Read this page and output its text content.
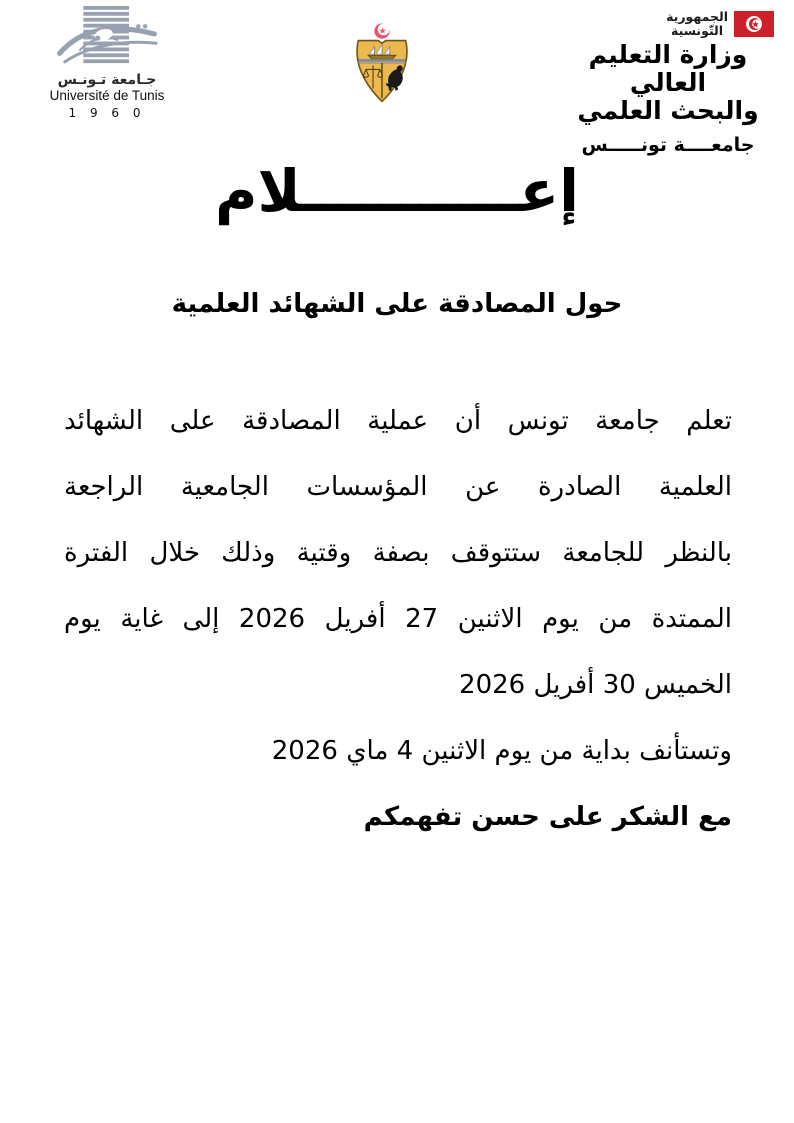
جـامعة تـونـس
Université de Tunis
1 9 6 0
الجمهورية
التّونسية
وزارة التعليم العالي
والبحث العلمي
جامعــــة تونـــــس
إعـــــــــــلام
حول المصادقة على الشهائد العلمية
تعلم جامعة تونس أن عملية المصادقة على الشهائد
العلمية الصادرة عن المؤسسات الجامعية الراجعة
بالنظر للجامعة ستتوقف بصفة وقتية وذلك خلال الفترة
الممتدة من يوم الاثنين 27 أفريل 2026 إلى غاية يوم
الخميس 30 أفريل 2026
وتستأنف بداية من يوم الاثنين 4 ماي 2026
مع الشكر على حسن تفهمكم
